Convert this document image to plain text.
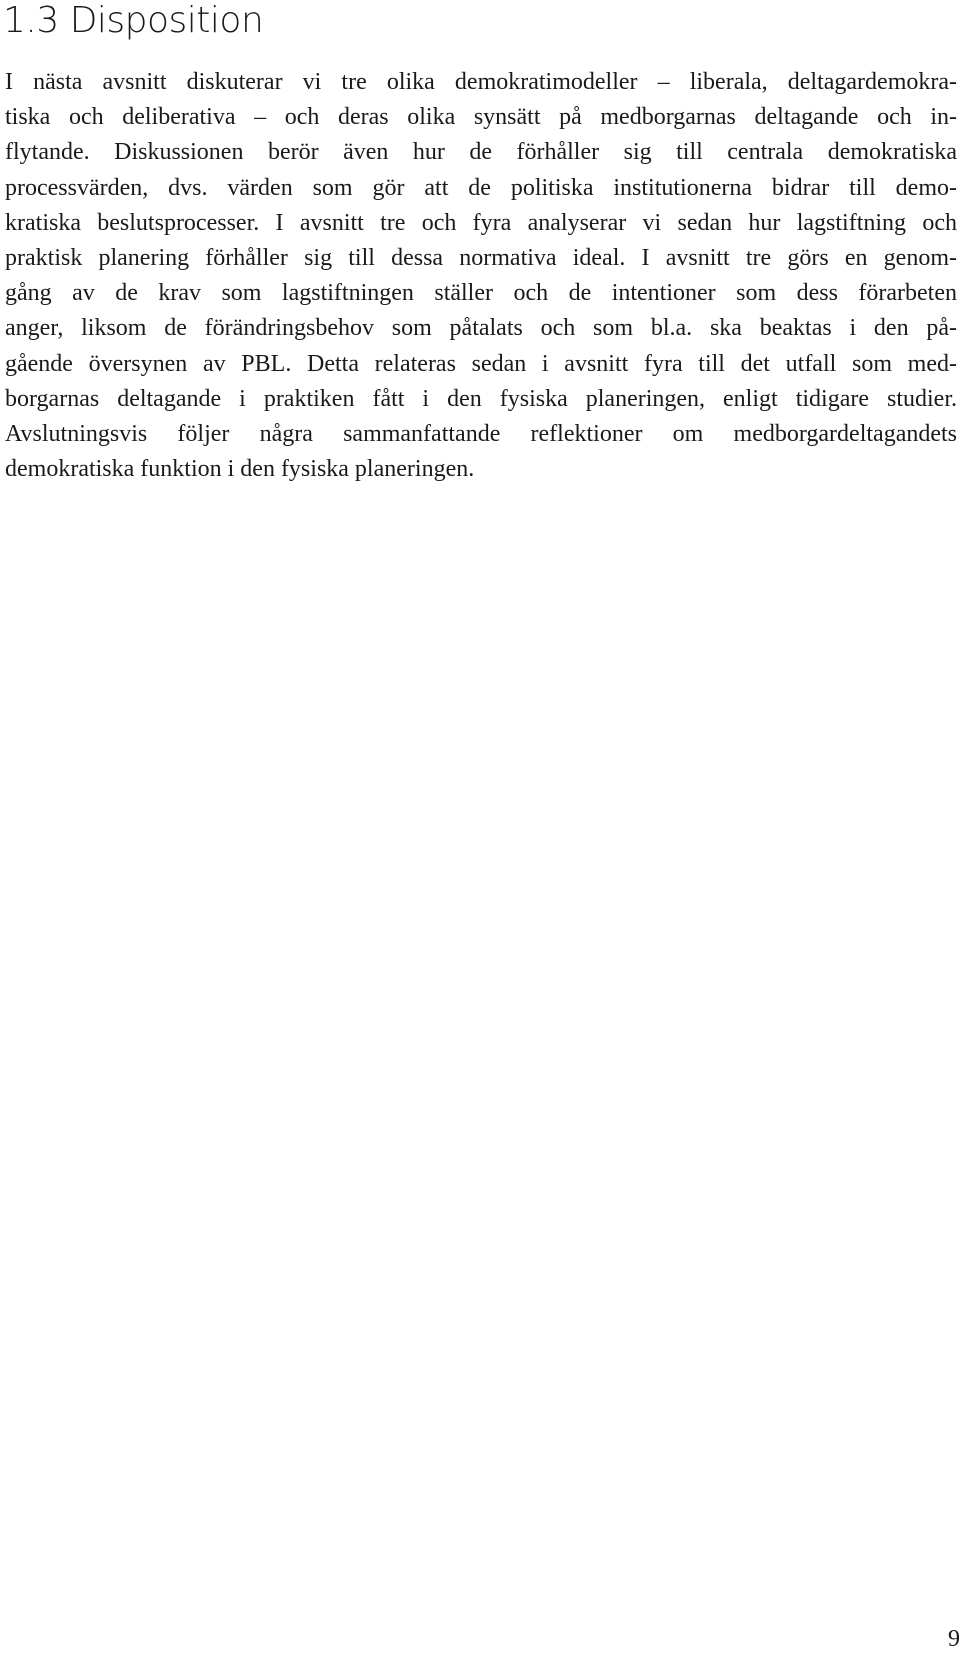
1.3 Disposition
I nästa avsnitt diskuterar vi tre olika demokratimodeller – liberala, deltagardemokra-
tiska och deliberativa – och deras olika synsätt på medborgarnas deltagande och in-
flytande. Diskussionen berör även hur de förhåller sig till centrala demokratiska
processvärden, dvs. värden som gör att de politiska institutionerna bidrar till demo-
kratiska beslutsprocesser. I avsnitt tre och fyra analyserar vi sedan hur lagstiftning och
praktisk planering förhåller sig till dessa normativa ideal. I avsnitt tre görs en genom-
gång av de krav som lagstiftningen ställer och de intentioner som dess förarbeten
anger, liksom de förändringsbehov som påtalats och som bl.a. ska beaktas i den på-
gående översynen av PBL. Detta relateras sedan i avsnitt fyra till det utfall som med-
borgarnas deltagande i praktiken fått i den fysiska planeringen, enligt tidigare studier.
Avslutningsvis följer några sammanfattande reflektioner om medborgardeltagandets
demokratiska funktion i den fysiska planeringen.
9
